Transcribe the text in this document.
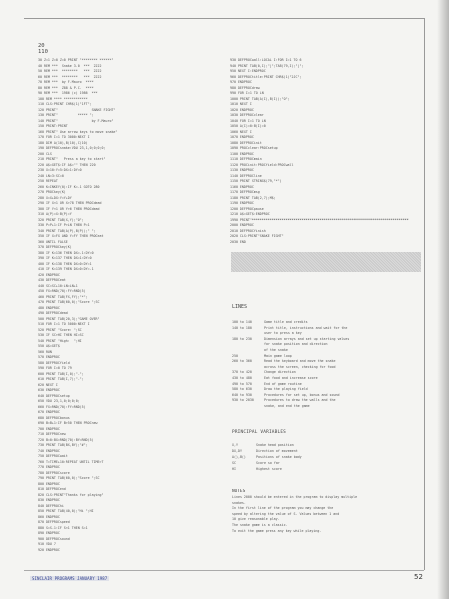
20
110
30 Z=1 Z=0 Z=0 PRINT "******** ******"
40 REM ***  Snake 3.0  ***  2222
50 REM ***  ********   ***  2222
60 REM ***  ********   ***  2222
70 REM ***  by F.Mauro  ****
80 REM ***  Z88 & P.C.  ****
90 REM ***  1986 (c) 1986  ***
100 REM **** ************
110 CLS:PRINT CHR$(1)"1FT";
120 PRINT"                 SNAKE FIGHT"
130 PRINT"          ***** ";
140 PRINT"                 by F.Mauro"
150 PRINT:PRINT
160 PRINT" Use arrow keys to move snake"
170 FOR I=1 TO 3000:NEXT I
180 DIM A(10),B(10),C(10)
190 DEFPROCsnake:VDU 23,1,0;0;0;0;
200 CLS
210 PRINT"   Press a key to start"
220 A$=GET$:IF A$="" THEN 220
230 X=10:Y=5:DX=1:DY=0
240 LN=3:SC=0
250 REPEAT
260 K=INKEY(0):IF K=-1 GOTO 280
270 PROCkey(K)
280 X=X+DX:Y=Y+DY
290 IF X<1 OR X>78 THEN PROCdead
300 IF Y<1 OR Y>6 THEN PROCdead
310 A(P)=X:B(P)=Y
320 PRINT TAB(X,Y);"O";
330 P=P+1:IF P>LN THEN P=1
340 PRINT TAB(A(P),B(P));" ";
350 IF X=FX AND Y=FY THEN PROCeat
360 UNTIL FALSE
370 DEFPROCkey(K)
380 IF K=136 THEN DX=-1:DY=0
390 IF K=137 THEN DX=1:DY=0
400 IF K=138 THEN DX=0:DY=1
410 IF K=139 THEN DX=0:DY=-1
420 ENDPROC
430 DEFPROCeat
440 SC=SC+10:LN=LN+1
450 FX=RND(70):FY=RND(5)
460 PRINT TAB(FX,FY);"*";
470 PRINT TAB(60,0);"Score ";SC
480 ENDPROC
490 DEFPROCdead
500 PRINT TAB(20,3);"GAME OVER"
510 FOR I=1 TO 5000:NEXT I
520 PRINT "Score: ";SC
530 IF SC>HI THEN HI=SC
540 PRINT "High:  ";HI
550 A$=GET$
560 RUN
570 ENDPROC
580 DEFPROCfield
590 FOR I=0 TO 79
600 PRINT TAB(I,0);"-";
610 PRINT TAB(I,7);"-";
620 NEXT I
630 ENDPROC
640 DEFPROCsetup
650 VDU 23,1,0;0;0;0;
660 FX=RND(70):FY=RND(5)
670 ENDPROC
680 DEFPROCbonus
690 B=B+1:IF B>50 THEN PROCnew
700 ENDPROC
710 DEFPROCnew
720 B=0:BX=RND(70):BY=RND(5)
730 PRINT TAB(BX,BY);"#";
740 ENDPROC
750 DEFPROCwait
760 T=TIME+10:REPEAT UNTIL TIME>T
770 ENDPROC
780 DEFPROCscore
790 PRINT TAB(60,0);"Score ";SC
800 ENDPROC
810 DEFPROCend
820 CLS:PRINT"Thanks for playing"
830 ENDPROC
840 DEFPROChi
850 PRINT TAB(40,0);"Hi ";HI
860 ENDPROC
870 DEFPROCspeed
880 S=S-1:IF S<1 THEN S=1
890 ENDPROC
900 DEFPROCsound
910 VDU 7
920 ENDPROC
930 DEFPROCwall:LOCAL I:FOR I=1 TO 6
940 PRINT TAB(0,I);"|";TAB(79,I);"|";
950 NEXT I:ENDPROC
960 DEFPROCtitle:PRINT CHR$(1)"2JC";
970 ENDPROC
980 DEFPROCdraw
990 FOR I=1 TO LN
1000 PRINT TAB(A(I),B(I));"O";
1010 NEXT I
1020 ENDPROC
1030 DEFPROCclear
1040 FOR I=1 TO LN
1050 A(I)=0:B(I)=0
1060 NEXT I
1070 ENDPROC
1080 DEFPROCinit
1090 PROCclear:PROCsetup
1100 ENDPROC
1110 DEFPROCmain
1120 PROCinit:PROCfield:PROCwall
1130 ENDPROC
1140 DEFPROCline
1150 PRINT STRING$(79,"*")
1160 ENDPROC
1170 DEFPROCmsg
1180 PRINT TAB(2,7);M$;
1190 ENDPROC
1200 DEFPROCpause
1210 A$=GET$:ENDPROC
1990 PRINT"*******************************************************************************
2000 ENDPROC
2010 DEFPROCfinish
2020 CLS:PRINT"SNAKE FIGHT"
2030 END
LINES
100 to 140	Game title and credits
140 to 180	Print title, instructions and wait for the
user to press a key
180 to 230	Dimension arrays and set up starting values
for snake position and direction
of the snake
250	Main game loop
260 to 360	Read the keyboard and move the snake
across the screen, checking for food
370 to 420	Change direction
430 to 480	Eat food and increase score
490 to 570	End of game routine
580 to 630	Draw the playing field
640 to 930	Procedures for set up, bonus and sound
930 to 2030	Procedures to draw the walls and the
snake, and end the game
PRINCIPAL VARIABLES
X,Y	Snake head position
DX,DY	Direction of movement
A(),B()	Positions of snake body
SC	Score so far
HI	Highest score
NOTES
Lines 2000 should be entered in the program to display multiple
snakes.
In the first line of the program you may change the
speed by altering the value of S. Values between 1 and
10 give reasonable play.
The snake game is a classic.
To exit the game press any key while playing.
SINCLAIR PROGRAMS JANUARY 1987	52
